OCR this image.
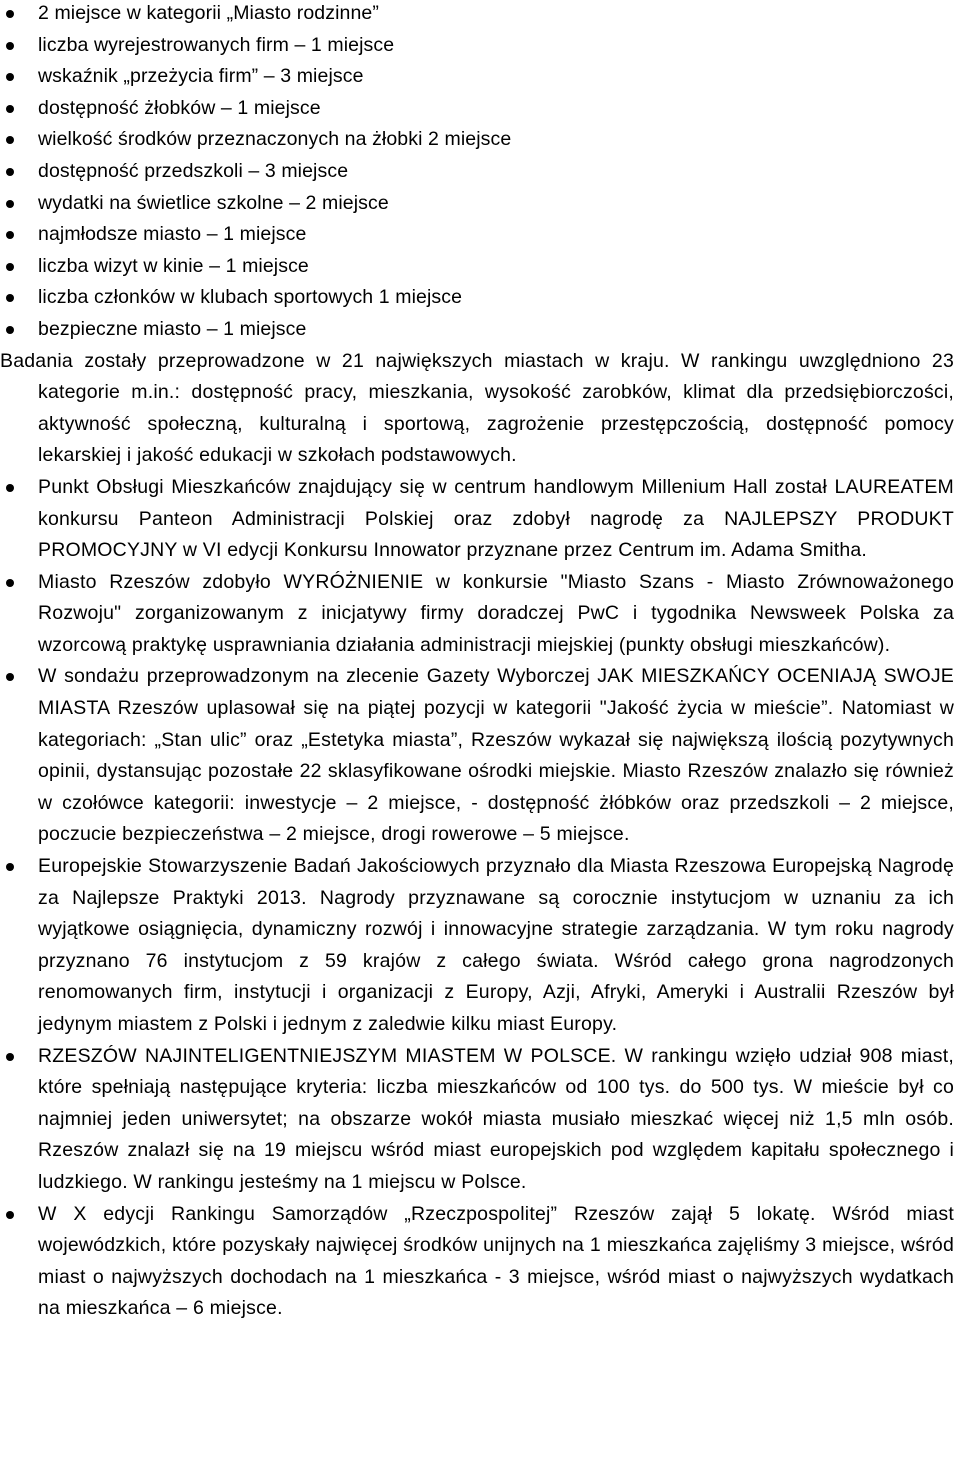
2 miejsce w kategorii „Miasto rodzinne”
liczba wyrejestrowanych firm – 1 miejsce
wskaźnik „przeżycia firm” – 3 miejsce
dostępność żłobków – 1 miejsce
wielkość środków przeznaczonych na żłobki 2 miejsce
dostępność przedszkoli – 3 miejsce
wydatki na świetlice szkolne – 2 miejsce
najmłodsze miasto – 1 miejsce
liczba wizyt w kinie – 1 miejsce
liczba członków w klubach sportowych 1 miejsce
bezpieczne miasto – 1 miejsce

Badania zostały przeprowadzone w 21 największych miastach w kraju. W rankingu uwzględniono 23 kategorie m.in.: dostępność pracy, mieszkania, wysokość zarobków, klimat dla przedsiębiorczości, aktywność społeczną, kulturalną i sportową, zagrożenie przestępczością, dostępność pomocy lekarskiej i jakość edukacji w szkołach podstawowych.

Punkt Obsługi Mieszkańców znajdujący się w centrum handlowym Millenium Hall został LAUREATEM konkursu Panteon Administracji Polskiej oraz zdobył nagrodę za NAJLEPSZY PRODUKT PROMOCYJNY w VI edycji Konkursu Innowator przyznane przez Centrum im. Adama Smitha.
Miasto Rzeszów zdobyło WYRÓŻNIENIE w konkursie "Miasto Szans - Miasto Zrównoważonego Rozwoju" zorganizowanym z inicjatywy firmy doradczej PwC i tygodnika Newsweek Polska za wzorcową praktykę usprawniania działania administracji miejskiej (punkty obsługi mieszkańców).
W sondażu przeprowadzonym na zlecenie Gazety Wyborczej JAK MIESZKAŃCY OCENIAJĄ SWOJE MIASTA Rzeszów uplasował się na piątej pozycji w kategorii "Jakość życia w mieście”. Natomiast w kategoriach: „Stan ulic” oraz „Estetyka miasta”, Rzeszów wykazał się największą ilością pozytywnych opinii, dystansując pozostałe 22 sklasyfikowane ośrodki miejskie. Miasto Rzeszów znalazło się również w czołówce kategorii: inwestycje – 2 miejsce, - dostępność żłóbków oraz przedszkoli – 2 miejsce, poczucie bezpieczeństwa – 2 miejsce, drogi rowerowe – 5 miejsce.
Europejskie Stowarzyszenie Badań Jakościowych przyznało dla Miasta Rzeszowa Europejską Nagrodę za Najlepsze Praktyki 2013. Nagrody przyznawane są corocznie instytucjom w uznaniu za ich wyjątkowe osiągnięcia, dynamiczny rozwój i innowacyjne strategie zarządzania. W tym roku nagrody przyznano 76 instytucjom z 59 krajów z całego świata. Wśród całego grona nagrodzonych renomowanych firm, instytucji i organizacji z Europy, Azji, Afryki, Ameryki i Australii Rzeszów był jedynym miastem z Polski i jednym z zaledwie kilku miast Europy.
RZESZÓW NAJINTELIGENTNIEJSZYM MIASTEM W POLSCE. W rankingu wzięło udział 908 miast, które spełniają następujące kryteria: liczba mieszkańców od 100 tys. do 500 tys. W mieście był co najmniej jeden uniwersytet; na obszarze wokół miasta musiało mieszkać więcej niż 1,5 mln osób. Rzeszów znalazł się na 19 miejscu wśród miast europejskich pod względem kapitału społecznego i ludzkiego. W rankingu jesteśmy na 1 miejscu w Polsce.
W X edycji Rankingu Samorządów „Rzeczpospolitej” Rzeszów zajął 5 lokatę. Wśród miast wojewódzkich, które pozyskały najwięcej środków unijnych na 1 mieszkańca zajęliśmy 3 miejsce, wśród miast o najwyższych dochodach na 1 mieszkańca - 3 miejsce, wśród miast o najwyższych wydatkach na mieszkańca – 6 miejsce.
